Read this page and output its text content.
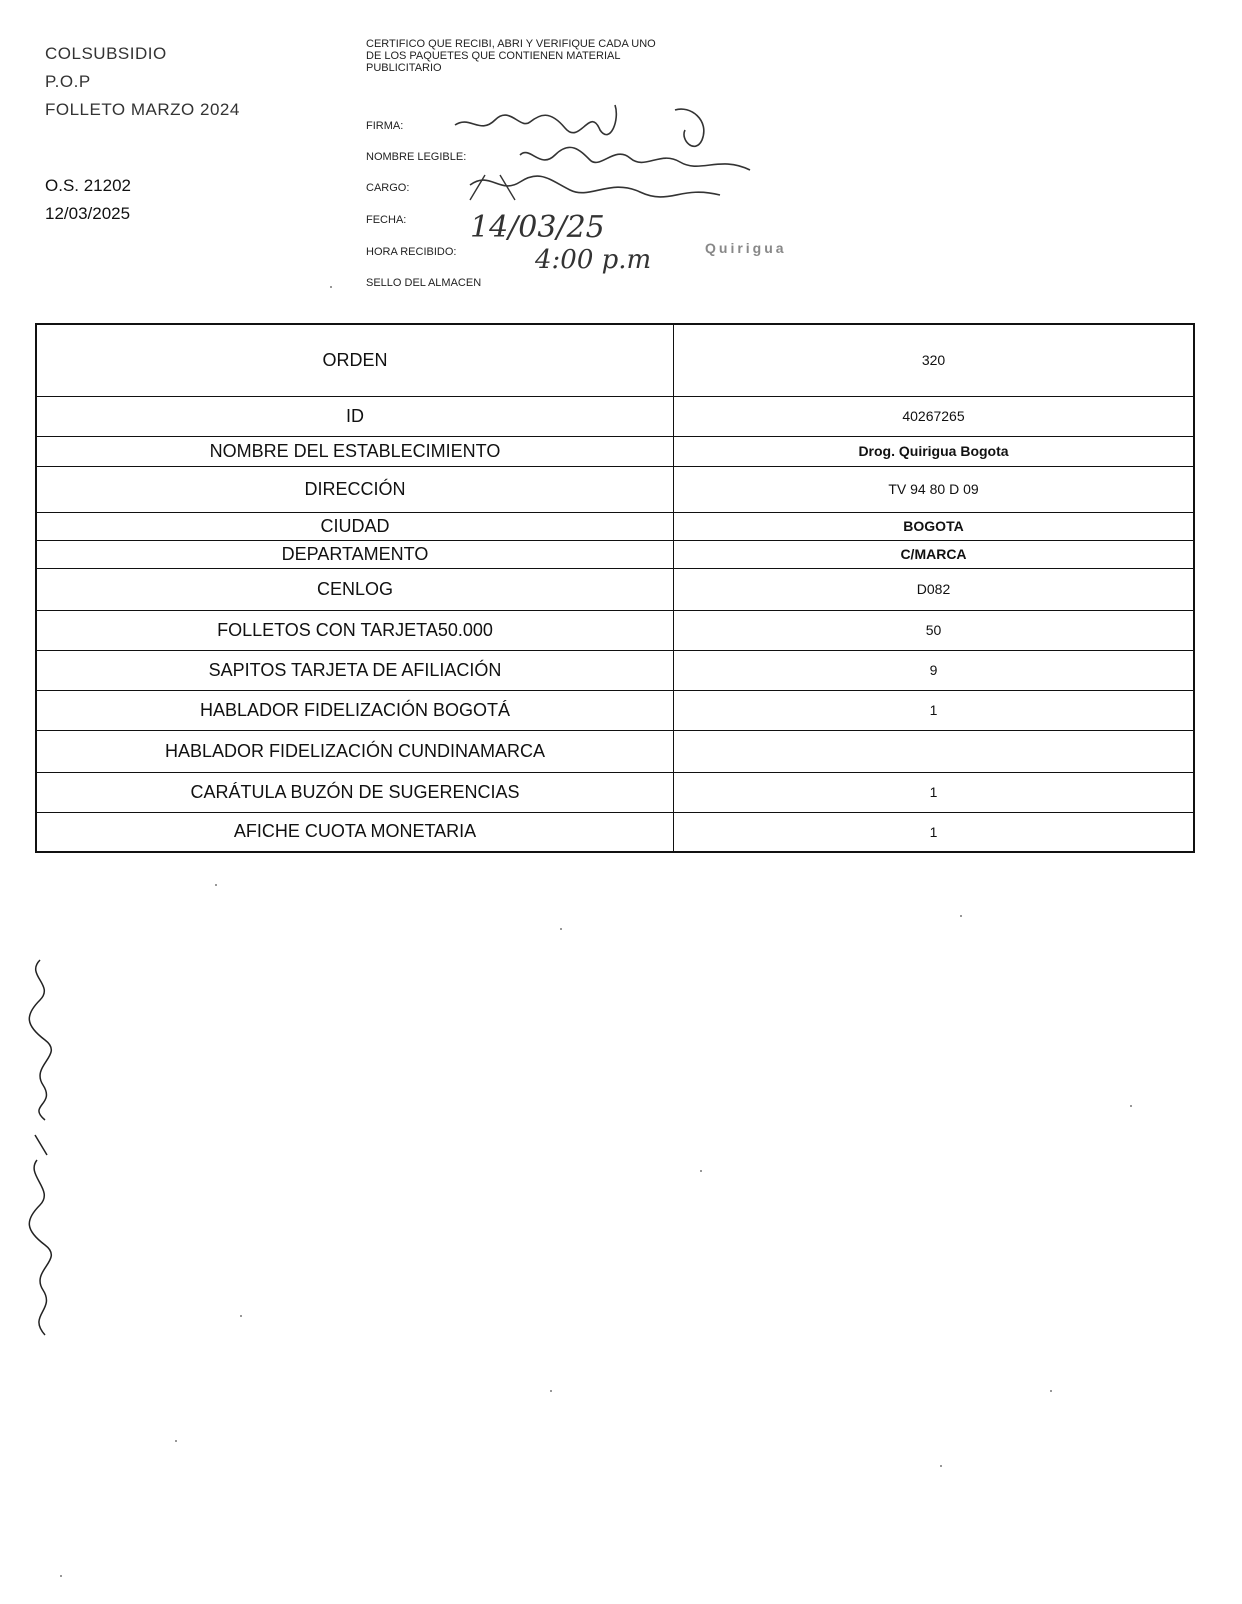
COLSUBSIDIO
P.O.P
FOLLETO MARZO 2024
O.S. 21202
12/03/2025
CERTIFICO QUE RECIBI, ABRI Y VERIFIQUE CADA UNO DE LOS PAQUETES QUE CONTIENEN MATERIAL PUBLICITARIO
FIRMA:
NOMBRE LEGIBLE:
CARGO:
FECHA:
HORA RECIBIDO:
SELLO DEL ALMACEN
14/03/25
4:00 p.m	Quirigua
ORDEN	320
ID	40267265
NOMBRE DEL ESTABLECIMIENTO	Drog. Quirigua Bogota
DIRECCIÓN	TV 94 80 D 09
CIUDAD	BOGOTA
DEPARTAMENTO	C/MARCA
CENLOG	D082
FOLLETOS CON TARJETA50.000	50
SAPITOS TARJETA DE AFILIACIÓN	9
HABLADOR FIDELIZACIÓN BOGOTÁ	1
HABLADOR FIDELIZACIÓN CUNDINAMARCA	
CARÁTULA BUZÓN DE SUGERENCIAS	1
AFICHE CUOTA MONETARIA	1
